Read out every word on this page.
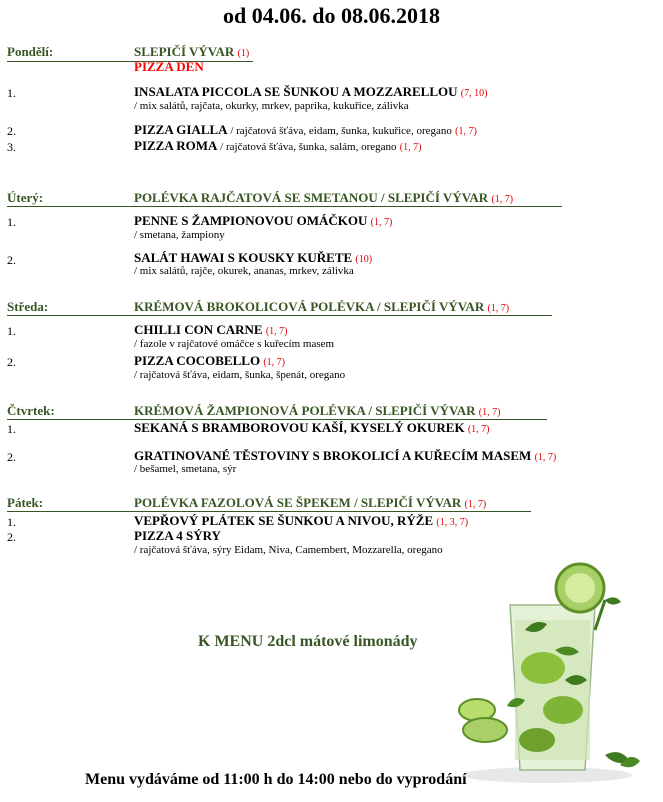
od 04.06. do 08.06.2018
Pondělí:	SLEPIČÍ VÝVAR (1)
PIZZA DEN
1.	INSALATA PICCOLA SE ŠUNKOU A MOZZARELLOU (7, 10)
/ mix salátů, rajčata, okurky, mrkev, paprika, kukuřice, zálivka
2.	PIZZA GIALLA / rajčatová šťáva, eidam, šunka, kukuřice, oregano (1, 7)
3.	PIZZA ROMA / rajčatová šťáva, šunka, salám, oregano (1, 7)
Úterý:	POLÉVKA RAJČATOVÁ SE SMETANOU / SLEPIČÍ VÝVAR (1, 7)
1.	PENNE S ŽAMPIONOVOU OMÁČKOU (1, 7)
/ smetana, žampiony
2.	SALÁT HAWAI S KOUSKY KUŘETE (10)
/ mix salátů, rajče, okurek, ananas, mrkev, zálivka
Středa:	KRÉMOVÁ BROKOLICOVÁ POLÉVKA / SLEPIČÍ VÝVAR (1, 7)
1.	CHILLI CON CARNE (1, 7)
/ fazole v rajčatové omáčce s kuřecím masem
2.	PIZZA COCOBELLO (1, 7)
/ rajčatová šťáva, eidam, šunka, špenát, oregano
Čtvrtek:	KRÉMOVÁ ŽAMPIONOVÁ POLÉVKA / SLEPIČÍ VÝVAR (1, 7)
1.	SEKANÁ S BRAMBOROVOU KAŠÍ, KYSELÝ OKUREK (1, 7)
2.	GRATINOVANÉ TĚSTOVINY S BROKOLICÍ A KUŘECÍM MASEM (1, 7)
/ bešamel, smetana, sýr
Pátek:	POLÉVKA FAZOLOVÁ SE ŠPEKEM / SLEPIČÍ VÝVAR (1, 7)
1.	VEPŘOVÝ PLÁTEK SE ŠUNKOU A NIVOU, RÝŽE (1, 3, 7)
2.	PIZZA 4 SÝRY
/ rajčatová šťáva, sýry Eidam, Niva, Camembert, Mozzarella, oregano
K MENU 2dcl mátové limonády
Menu vydáváme od 11:00 h do 14:00 nebo do vyprodání
